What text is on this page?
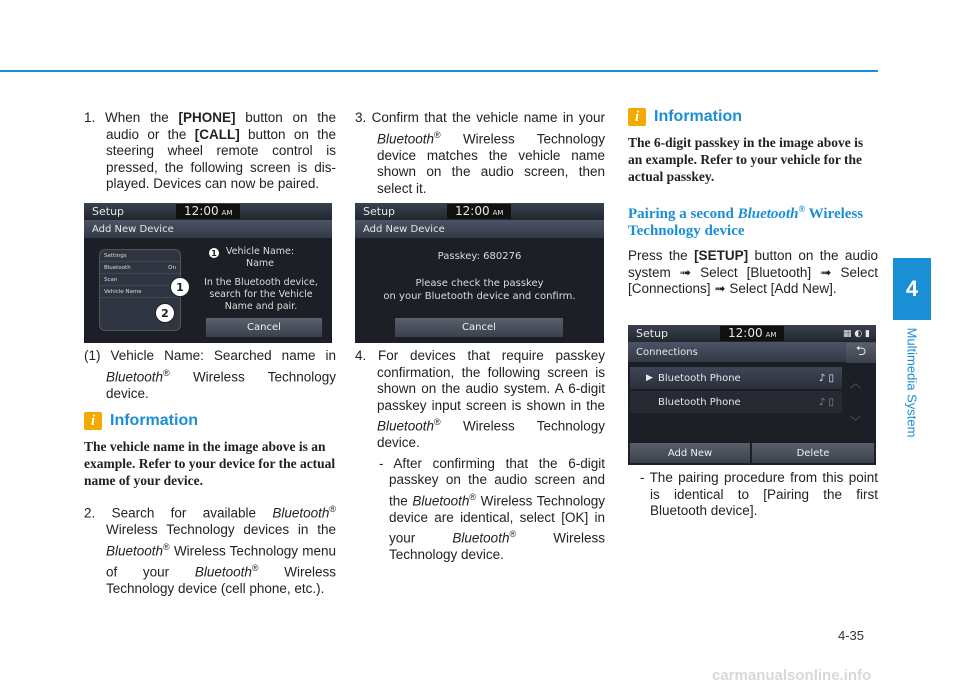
4
Multimedia System
4-35
carmanualsonline.info

1. When the [PHONE] button on the audio or the [CALL] button on the steering wheel remote control is pressed, the following screen is dis- played. Devices can now be paired.

Setup	12:00 AM
Add New Device
Settings
Bluetooth	On
Scan
Vehicle Name	1
2
1 Vehicle Name:
Name
In the Bluetooth device, search for the Vehicle Name and pair.
Cancel

(1) Vehicle Name: Searched name in Bluetooth® Wireless Technology device.

i Information

The vehicle name in the image above is an example. Refer to your device for the actual name of your device.

2. Search for available Bluetooth® Wireless Technology devices in the Bluetooth® Wireless Technology menu of your Bluetooth® Wireless Technology device (cell phone, etc.).

3. Confirm that the vehicle name in your Bluetooth® Wireless Technology device matches the vehicle name shown on the audio screen, then select it.

Setup	12:00 AM
Add New Device
Passkey: 680276
Please check the passkey
on your Bluetooth device and confirm.
Cancel

4. For devices that require passkey confirmation, the following screen is shown on the audio system. A 6-digit passkey input screen is shown in the Bluetooth® Wireless Technology device.

- After confirming that the 6-digit passkey on the audio screen and the Bluetooth® Wireless Technology device are identical, select [OK] in your	Bluetooth®	Wireless Technology device.

i Information

The 6-digit passkey in the image above is an example. Refer to your vehicle for the actual passkey.

Pairing a second Bluetooth® Wireless Technology device

Press the [SETUP] button on the audio system ➟ Select [Bluetooth] ➟ Select [Connections] ➟ Select [Add New].

Setup	12:00 AM	▦ ◐ ▮
Connections	⮌
▶ Bluetooth Phone	♪ ▯
Bluetooth Phone	♪ ▯
︿
﹀
Add New	Delete

- The pairing procedure from this point is identical to [Pairing the first Bluetooth device].
